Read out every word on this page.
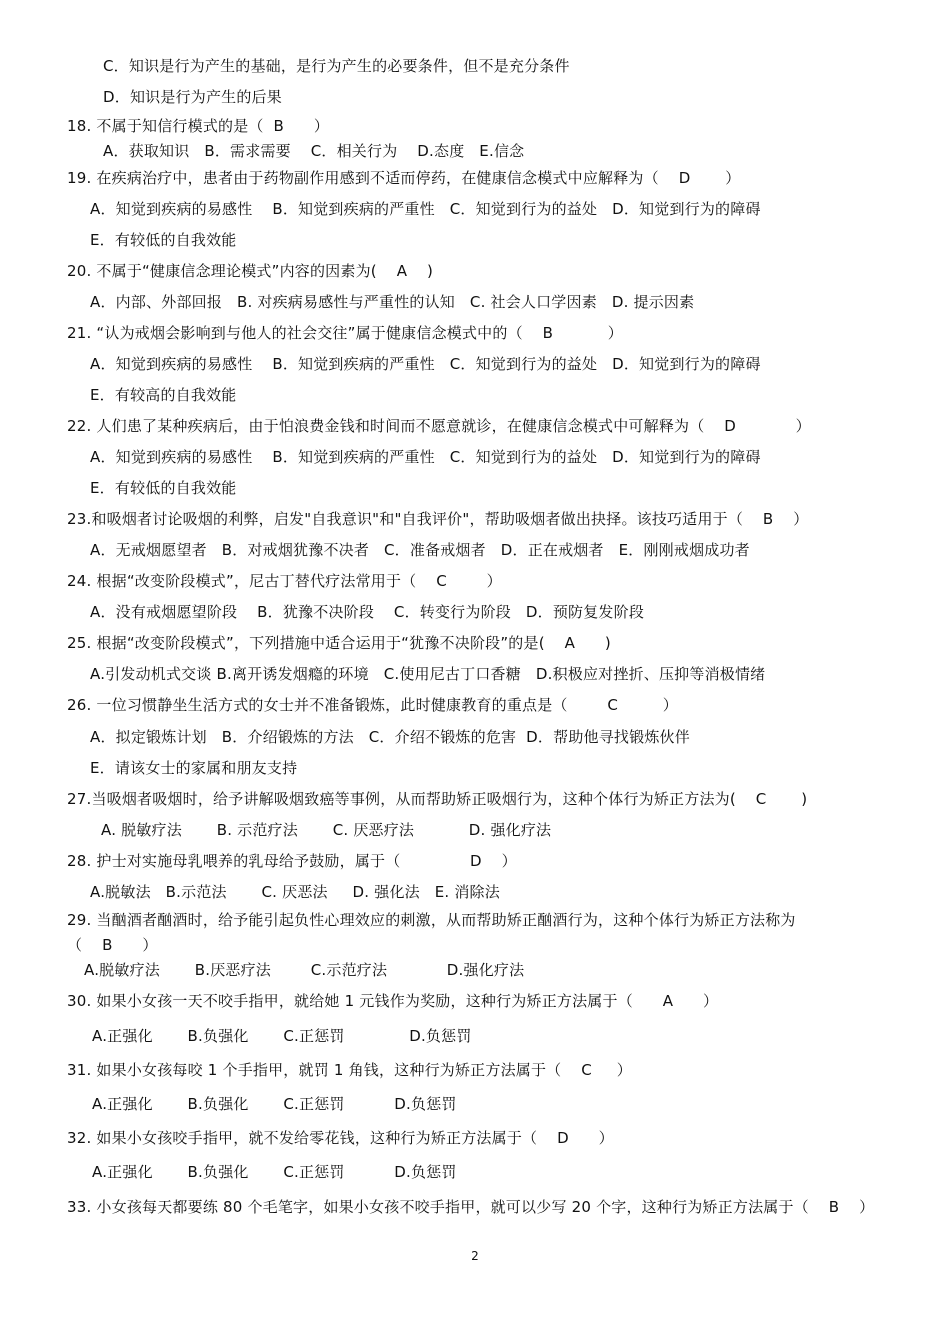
C．知识是行为产生的基础，是行为产生的必要条件，但不是充分条件
D．知识是行为产生的后果
18. 不属于知信行模式的是（  B      ）
A．获取知识   B．需求需要    C．相关行为    D.态度   E.信念
19. 在疾病治疗中，患者由于药物副作用感到不适而停药，在健康信念模式中应解释为（    D       ）
A．知觉到疾病的易感性    B．知觉到疾病的严重性   C．知觉到行为的益处   D．知觉到行为的障碍
E．有较低的自我效能
20. 不属于“健康信念理论模式”内容的因素为(    A    )
A．内部、外部回报   B. 对疾病易感性与严重性的认知   C. 社会人口学因素   D. 提示因素
21. “认为戒烟会影响到与他人的社会交往”属于健康信念模式中的（    B           ）
A．知觉到疾病的易感性    B．知觉到疾病的严重性   C．知觉到行为的益处   D．知觉到行为的障碍
E．有较高的自我效能
22. 人们患了某种疾病后，由于怕浪费金钱和时间而不愿意就诊，在健康信念模式中可解释为（    D            ）
A．知觉到疾病的易感性    B．知觉到疾病的严重性   C．知觉到行为的益处   D．知觉到行为的障碍
E．有较低的自我效能
23.和吸烟者讨论吸烟的利弊，启发"自我意识"和"自我评价"，帮助吸烟者做出抉择。该技巧适用于（    B    ）
A．无戒烟愿望者   B．对戒烟犹豫不决者   C．准备戒烟者   D．正在戒烟者   E．刚刚戒烟成功者
24. 根据“改变阶段模式”，尼古丁替代疗法常用于（    C        ）
A．没有戒烟愿望阶段    B．犹豫不决阶段    C．转变行为阶段   D．预防复发阶段
25. 根据“改变阶段模式”，下列措施中适合运用于“犹豫不决阶段”的是(    A      )
A.引发动机式交谈 B.离开诱发烟瘾的环境   C.使用尼古丁口香糖   D.积极应对挫折、压抑等消极情绪
26. 一位习惯静坐生活方式的女士并不准备锻炼，此时健康教育的重点是（        C         ）
A．拟定锻炼计划   B．介绍锻炼的方法   C．介绍不锻炼的危害  D．帮助他寻找锻炼伙伴
E．请该女士的家属和朋友支持
27.当吸烟者吸烟时，给予讲解吸烟致癌等事例，从而帮助矫正吸烟行为，这种个体行为矫正方法为(    C       )
A. 脱敏疗法       B. 示范疗法       C. 厌恶疗法           D. 强化疗法
28. 护士对实施母乳喂养的乳母给予鼓励，属于（              D    ）
A.脱敏法   B.示范法       C. 厌恶法     D. 强化法   E. 消除法
29. 当酗酒者酗酒时，给予能引起负性心理效应的刺激，从而帮助矫正酗酒行为，这种个体行为矫正方法称为
（    B      ）
A.脱敏疗法       B.厌恶疗法        C.示范疗法            D.强化疗法
30. 如果小女孩一天不咬手指甲，就给她 1 元钱作为奖励，这种行为矫正方法属于（      A      ）
A.正强化       B.负强化       C.正惩罚             D.负惩罚
31. 如果小女孩每咬 1 个手指甲，就罚 1 角钱，这种行为矫正方法属于（    C     ）
A.正强化       B.负强化       C.正惩罚          D.负惩罚
32. 如果小女孩咬手指甲，就不发给零花钱，这种行为矫正方法属于（    D      ）
A.正强化       B.负强化       C.正惩罚          D.负惩罚
33. 小女孩每天都要练 80 个毛笔字，如果小女孩不咬手指甲，就可以少写 20 个字，这种行为矫正方法属于（    B    ）
2
